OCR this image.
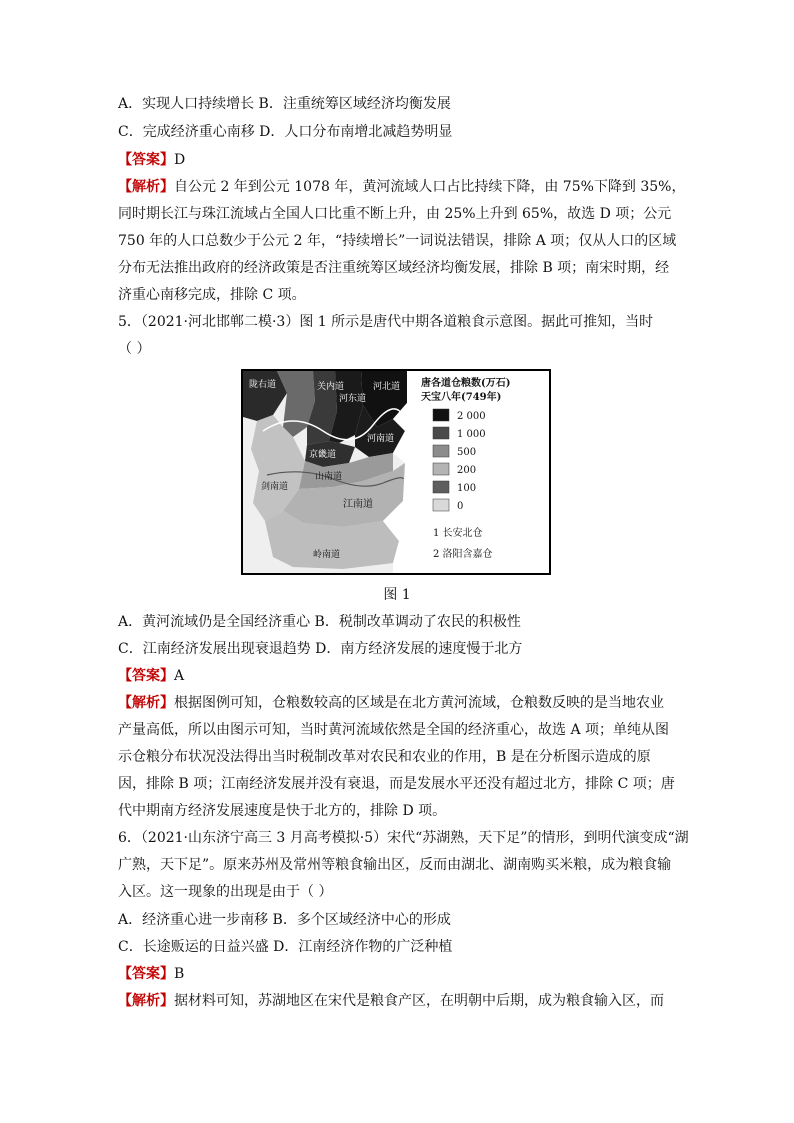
A．实现人口持续增长 B．注重统筹区域经济均衡发展
C．完成经济重心南移 D．人口分布南增北减趋势明显
【答案】D
【解析】自公元 2 年到公元 1078 年，黄河流域人口占比持续下降，由 75%下降到 35%，
同时期长江与珠江流域占全国人口比重不断上升，由 25%上升到 65%，故选 D 项；公元
750 年的人口总数少于公元 2 年，“持续增长”一词说法错误，排除 A 项；仅从人口的区域
分布无法推出政府的经济政策是否注重统筹区域经济均衡发展，排除 B 项；南宋时期，经
济重心南移完成，排除 C 项。
5．（2021·河北邯郸二模·3）图 1 所示是唐代中期各道粮食示意图。据此可推知，当时
（ ）
陇右道	关内道
河东道
河北道
河南道
京畿道
山南道
剑南道
江南道
岭南道
唐各道仓粮数(万石)
天宝八年(749年)
2 000
1 000
500
200
100
0
1 长安北仓
2 洛阳含嘉仓
图 1
A．黄河流域仍是全国经济重心 B．税制改革调动了农民的积极性
C．江南经济发展出现衰退趋势 D．南方经济发展的速度慢于北方
【答案】A
【解析】根据图例可知，仓粮数较高的区域是在北方黄河流域，仓粮数反映的是当地农业
产量高低，所以由图示可知，当时黄河流域依然是全国的经济重心，故选 A 项；单纯从图
示仓粮分布状况没法得出当时税制改革对农民和农业的作用，B 是在分析图示造成的原
因，排除 B 项；江南经济发展并没有衰退，而是发展水平还没有超过北方，排除 C 项；唐
代中期南方经济发展速度是快于北方的，排除 D 项。
6．（2021·山东济宁高三 3 月高考模拟·5）宋代“苏湖熟，天下足”的情形，到明代演变成“湖
广熟，天下足”。原来苏州及常州等粮食输出区，反而由湖北、湖南购买米粮，成为粮食输
入区。这一现象的出现是由于（ ）
A．经济重心进一步南移 B．多个区域经济中心的形成
C．长途贩运的日益兴盛 D．江南经济作物的广泛种植
【答案】B
【解析】据材料可知，苏湖地区在宋代是粮食产区，在明朝中后期，成为粮食输入区，而
